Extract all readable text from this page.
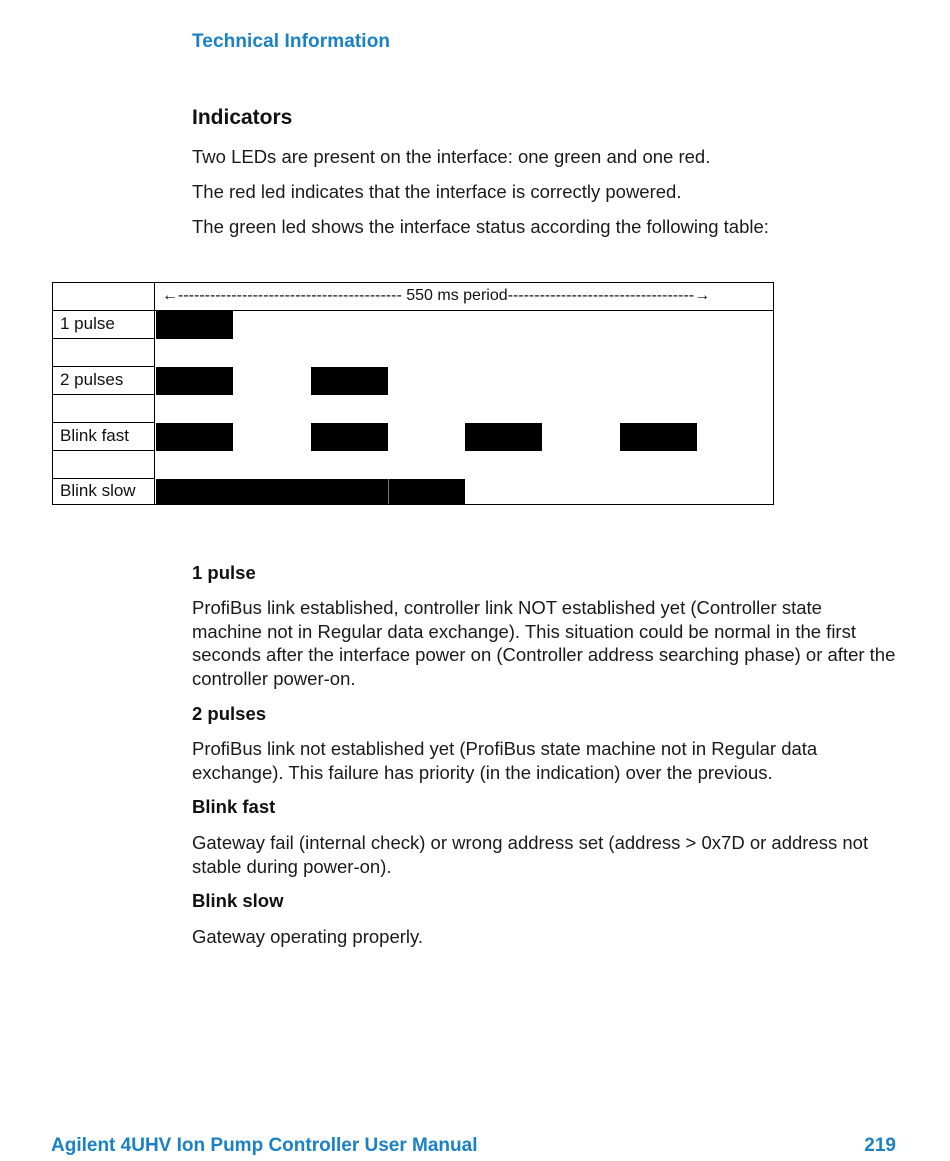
Technical Information
Indicators
Two LEDs are present on the interface: one green and one red.
The red led indicates that the interface is correctly powered.
The green led shows the interface status according the following table:
←------------------------------------------ 550 ms period-----------------------------------→
1 pulse
2 pulses
Blink fast
Blink slow
1 pulse
ProfiBus link established, controller link NOT established yet (Controller state machine not in Regular data exchange). This situation could be normal in the first seconds after the interface power on (Controller address searching phase) or after the controller power-on.
2 pulses
ProfiBus link not established yet (ProfiBus state machine not in Regular data exchange). This failure has priority (in the indication) over the previous.
Blink fast
Gateway fail (internal check) or wrong address set (address > 0x7D or address not stable during power-on).
Blink slow
Gateway operating properly.
Agilent 4UHV Ion Pump Controller User Manual	219
